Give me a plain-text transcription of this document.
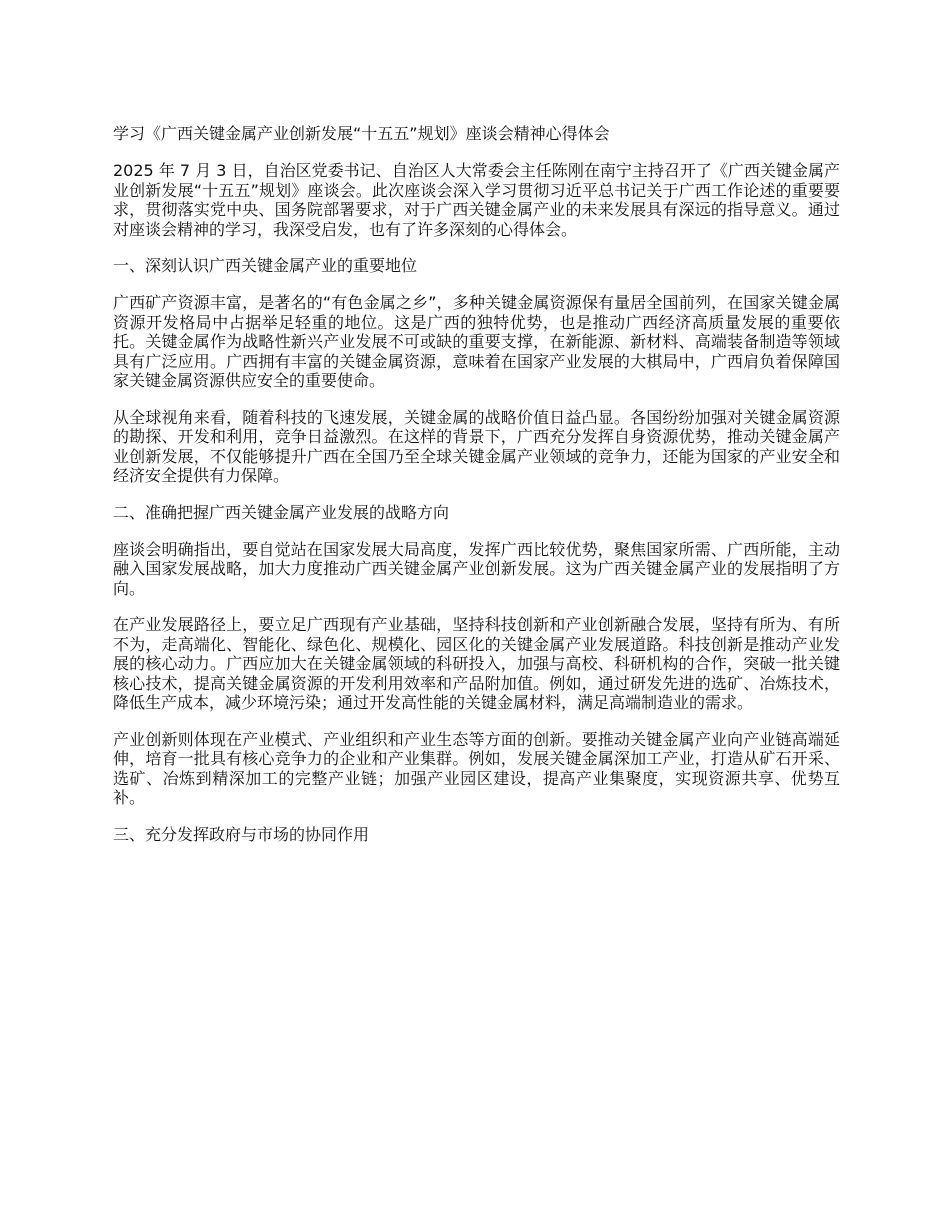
学习《广西关键金属产业创新发展“十五五”规划》座谈会精神心得体会

2025 年 7 月 3 日，自治区党委书记、自治区人大常委会主任陈刚在南宁主持召开了《广西关键金属产业创新发展“十五五”规划》座谈会。此次座谈会深入学习贯彻习近平总书记关于广西工作论述的重要要求，贯彻落实党中央、国务院部署要求，对于广西关键金属产业的未来发展具有深远的指导意义。通过对座谈会精神的学习，我深受启发，也有了许多深刻的心得体会。

一、深刻认识广西关键金属产业的重要地位

广西矿产资源丰富，是著名的“有色金属之乡”，多种关键金属资源保有量居全国前列，在国家关键金属资源开发格局中占据举足轻重的地位。这是广西的独特优势，也是推动广西经济高质量发展的重要依托。关键金属作为战略性新兴产业发展不可或缺的重要支撑，在新能源、新材料、高端装备制造等领域具有广泛应用。广西拥有丰富的关键金属资源，意味着在国家产业发展的大棋局中，广西肩负着保障国家关键金属资源供应安全的重要使命。

从全球视角来看，随着科技的飞速发展，关键金属的战略价值日益凸显。各国纷纷加强对关键金属资源的勘探、开发和利用，竞争日益激烈。在这样的背景下，广西充分发挥自身资源优势，推动关键金属产业创新发展，不仅能够提升广西在全国乃至全球关键金属产业领域的竞争力，还能为国家的产业安全和经济安全提供有力保障。

二、准确把握广西关键金属产业发展的战略方向

座谈会明确指出，要自觉站在国家发展大局高度，发挥广西比较优势，聚焦国家所需、广西所能，主动融入国家发展战略，加大力度推动广西关键金属产业创新发展。这为广西关键金属产业的发展指明了方向。

在产业发展路径上，要立足广西现有产业基础，坚持科技创新和产业创新融合发展，坚持有所为、有所不为，走高端化、智能化、绿色化、规模化、园区化的关键金属产业发展道路。科技创新是推动产业发展的核心动力。广西应加大在关键金属领域的科研投入，加强与高校、科研机构的合作，突破一批关键核心技术，提高关键金属资源的开发利用效率和产品附加值。例如，通过研发先进的选矿、冶炼技术，降低生产成本，减少环境污染；通过开发高性能的关键金属材料，满足高端制造业的需求。

产业创新则体现在产业模式、产业组织和产业生态等方面的创新。要推动关键金属产业向产业链高端延伸，培育一批具有核心竞争力的企业和产业集群。例如，发展关键金属深加工产业，打造从矿石开采、选矿、冶炼到精深加工的完整产业链；加强产业园区建设，提高产业集聚度，实现资源共享、优势互补。

三、充分发挥政府与市场的协同作用
